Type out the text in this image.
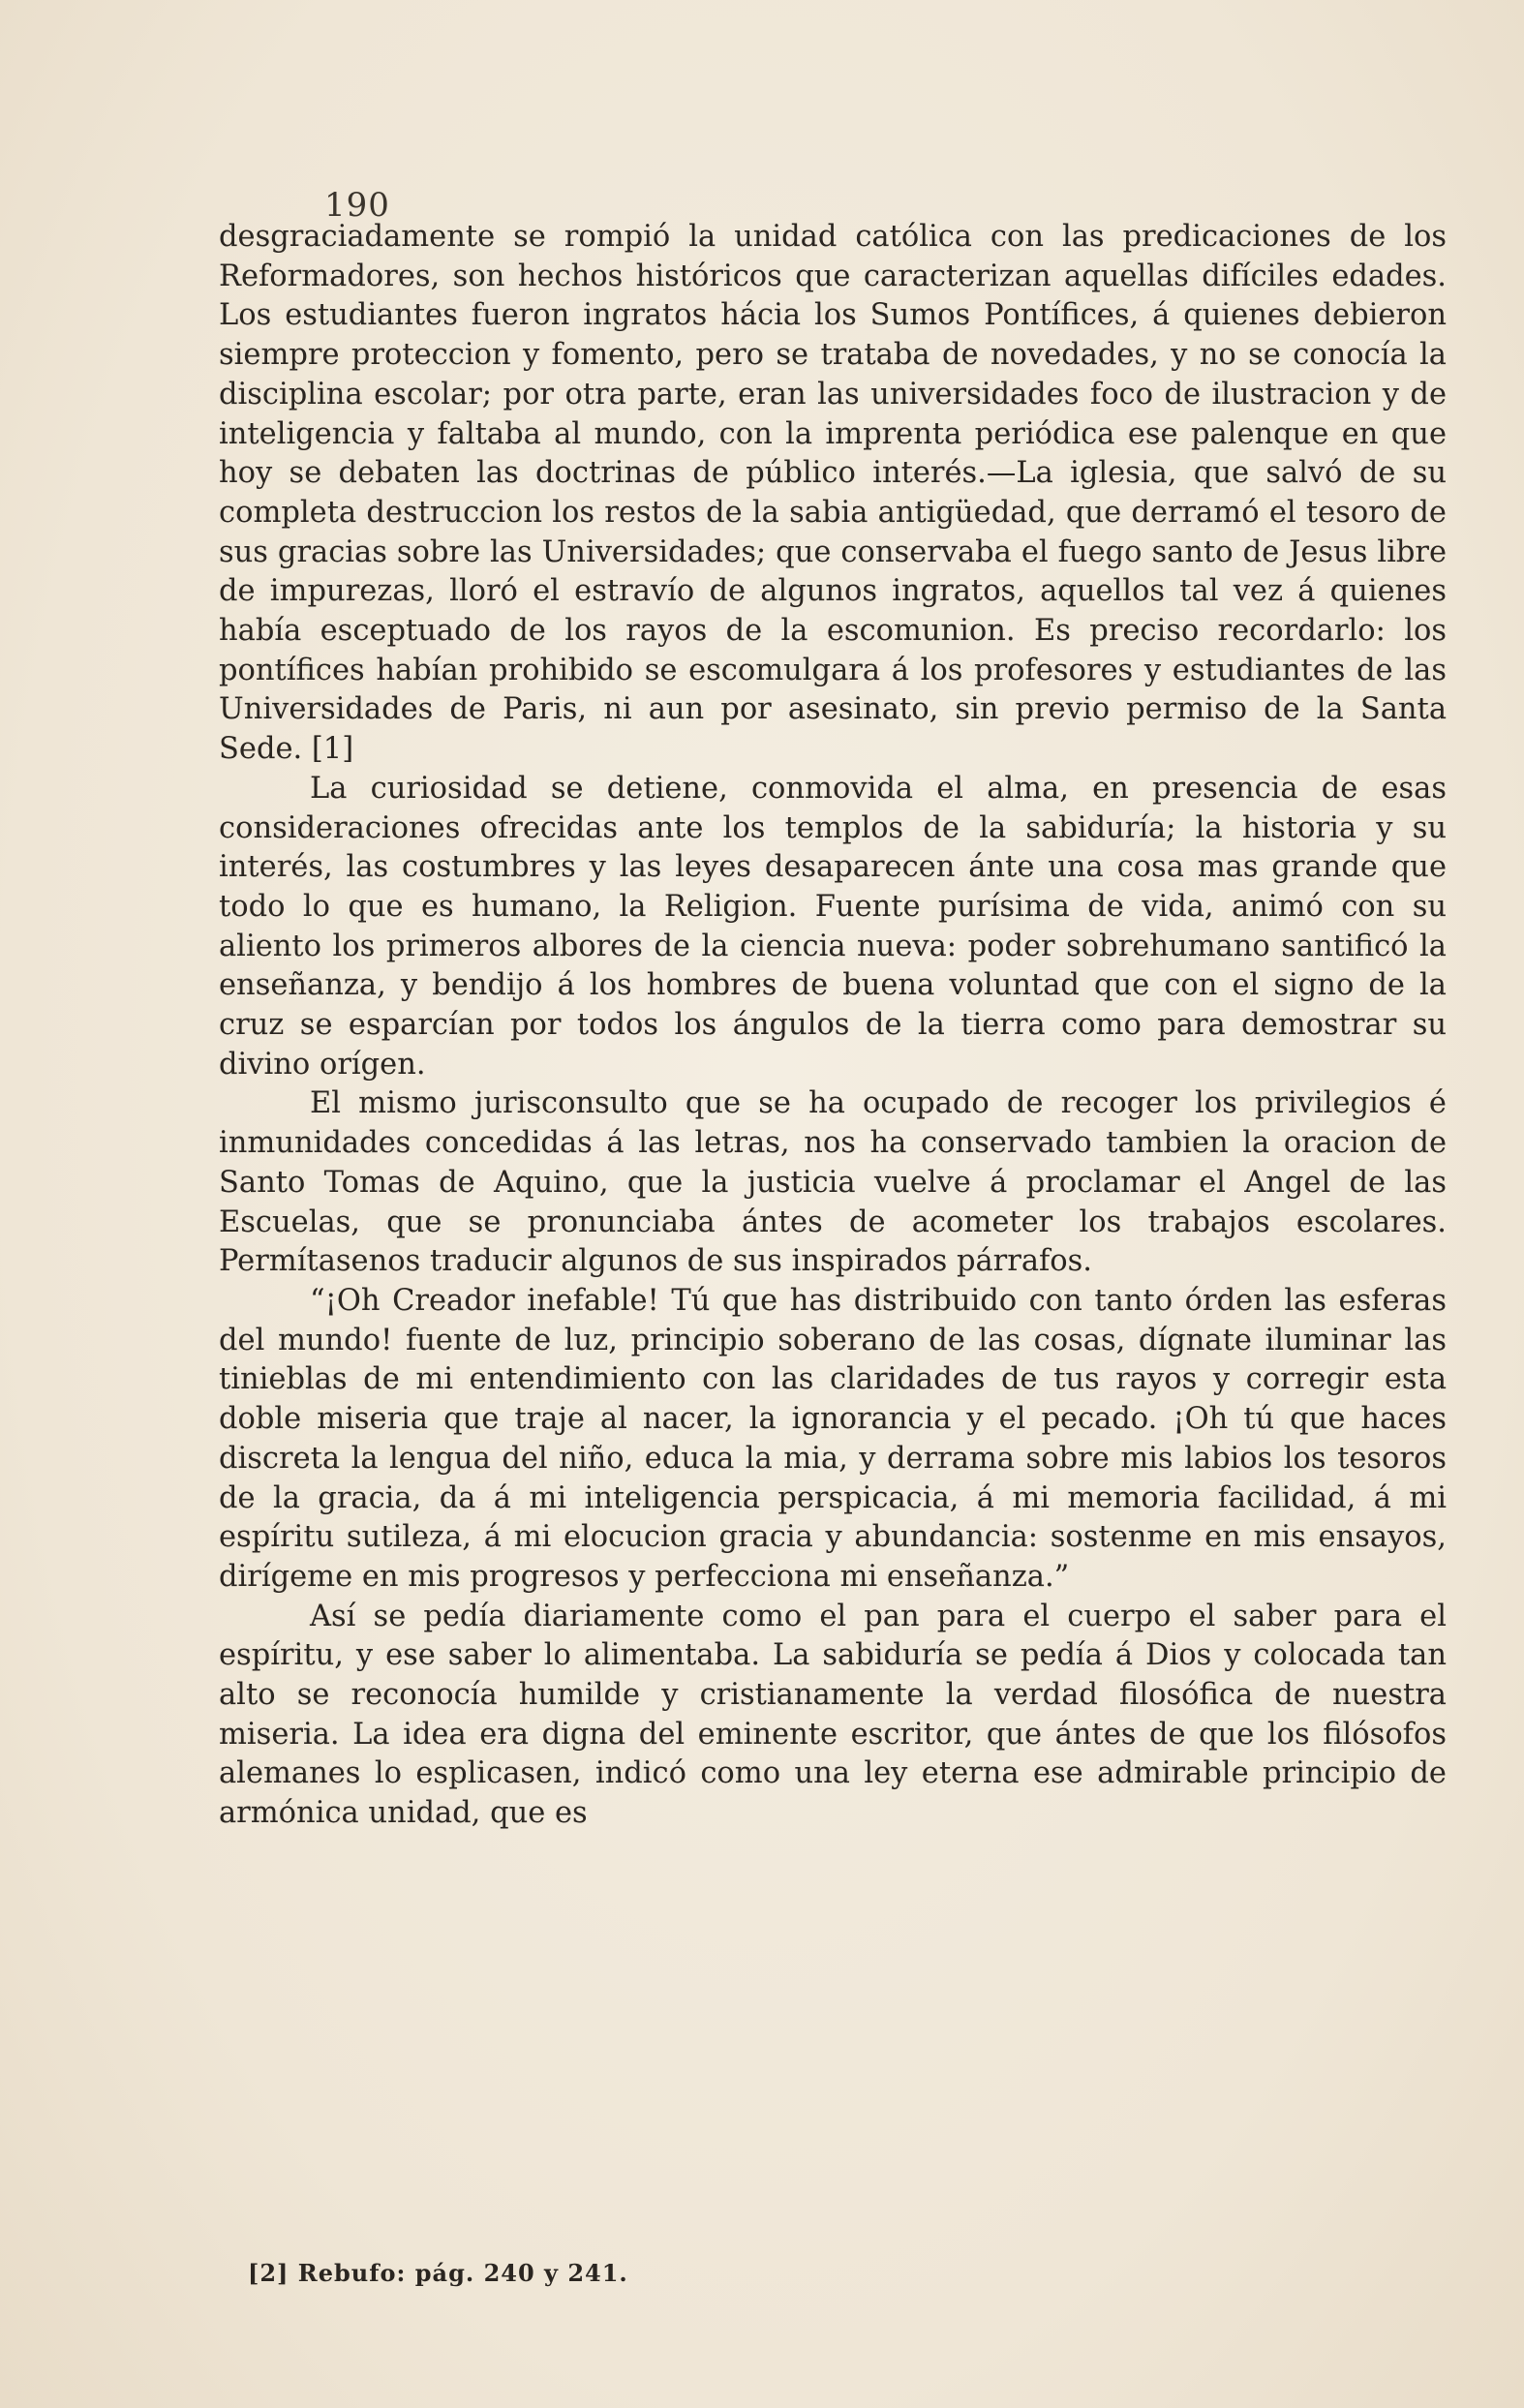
190

desgraciadamente se rompió la unidad católica con las predicaciones de los Reformadores, son hechos históricos que caracterizan aquellas difíciles edades. Los estudiantes fueron ingratos hácia los Sumos Pontífices, á quienes debieron siempre proteccion y fomento, pero se trataba de novedades, y no se conocía la disciplina escolar; por otra parte, eran las universidades foco de ilustracion y de inteligencia y faltaba al mundo, con la imprenta periódica ese palenque en que hoy se debaten las doctrinas de público interés.—La iglesia, que salvó de su completa destruccion los restos de la sabia antigüedad, que derramó el tesoro de sus gracias sobre las Universidades; que conservaba el fuego santo de Jesus libre de impurezas, lloró el estravío de algunos ingratos, aquellos tal vez á quienes había esceptuado de los rayos de la escomunion. Es preciso recordarlo: los pontífices habían prohibido se escomulgara á los profesores y estudiantes de las Universidades de Paris, ni aun por asesinato, sin previo permiso de la Santa Sede. [1]

La curiosidad se detiene, conmovida el alma, en presencia de esas consideraciones ofrecidas ante los templos de la sabiduría; la historia y su interés, las costumbres y las leyes desaparecen ánte una cosa mas grande que todo lo que es humano, la Religion. Fuente purísima de vida, animó con su aliento los primeros albores de la ciencia nueva: poder sobrehumano santificó la enseñanza, y bendijo á los hombres de buena voluntad que con el signo de la cruz se esparcían por todos los ángulos de la tierra como para demostrar su divino orígen.

El mismo jurisconsulto que se ha ocupado de recoger los privilegios é inmunidades concedidas á las letras, nos ha conservado tambien la oracion de Santo Tomas de Aquino, que la justicia vuelve á proclamar el Angel de las Escuelas, que se pronunciaba ántes de acometer los trabajos escolares. Permítasenos traducir algunos de sus inspirados párrafos.

“¡Oh Creador inefable! Tú que has distribuido con tanto órden las esferas del mundo! fuente de luz, principio soberano de las cosas, dígnate iluminar las tinieblas de mi entendimiento con las claridades de tus rayos y corregir esta doble miseria que traje al nacer, la ignorancia y el pecado. ¡Oh tú que haces discreta la lengua del niño, educa la mia, y derrama sobre mis labios los tesoros de la gracia, da á mi inteligencia perspicacia, á mi memoria facilidad, á mi espíritu sutileza, á mi elocucion gracia y abundancia: sostenme en mis ensayos, dirígeme en mis progresos y perfecciona mi enseñanza.”

Así se pedía diariamente como el pan para el cuerpo el saber para el espíritu, y ese saber lo alimentaba. La sabiduría se pedía á Dios y colocada tan alto se reconocía humilde y cristianamente la verdad filosófica de nuestra miseria. La idea era digna del eminente escritor, que ántes de que los filósofos alemanes lo esplicasen, indicó como una ley eterna ese admirable principio de armónica unidad, que es

[2] Rebufo: pág. 240 y 241.
